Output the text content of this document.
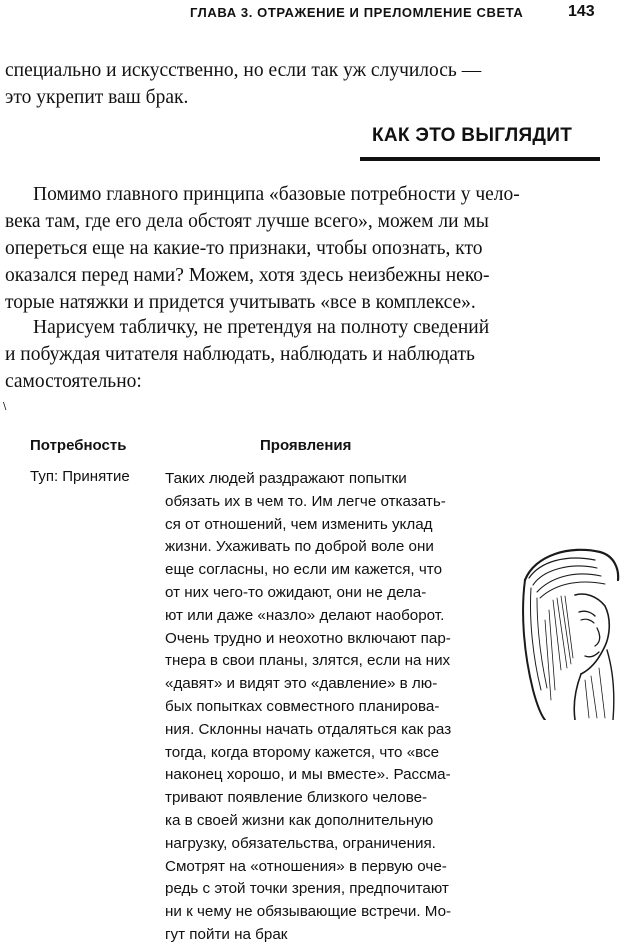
ГЛАВА 3. ОТРАЖЕНИЕ И ПРЕЛОМЛЕНИЕ СВЕТА	143
специально и искусственно, но если так уж случилось —
это укрепит ваш брак.
КАК ЭТО ВЫГЛЯДИТ
Помимо главного принципа «базовые потребности у чело-
века там, где его дела обстоят лучше всего», можем ли мы
опереться еще на какие-то признаки, чтобы опознать, кто
оказался перед нами? Можем, хотя здесь неизбежны неко-
торые натяжки и придется учитывать «все в комплексе».
Нарисуем табличку, не претендуя на полноту сведений
и побуждая читателя наблюдать, наблюдать и наблюдать
самостоятельно:
\
Потребность	Проявления
Туп: Принятие Таких людей раздражают попытки
обязать их в чем то. Им легче отказать-
ся от отношений, чем изменить уклад
жизни. Ухаживать по доброй воле они
еще согласны, но если им кажется, что
от них чего-то ожидают, они не дела-
ют или даже «назло» делают наоборот.
Очень трудно и неохотно включают пар-
тнера в свои планы, злятся, если на них
«давят» и видят это «давление» в лю-
бых попытках совместного планирова-
ния. Склонны начать отдаляться как раз
тогда, когда второму кажется, что «все
наконец хорошо, и мы вместе». Рассма-
тривают появление близкого челове-
ка в своей жизни как дополнительную
нагрузку, обязательства, ограничения.
Смотрят на «отношения» в первую оче-
редь с этой точки зрения, предпочитают
ни к чему не обязывающие встречи. Мо-
гут пойти на брак
